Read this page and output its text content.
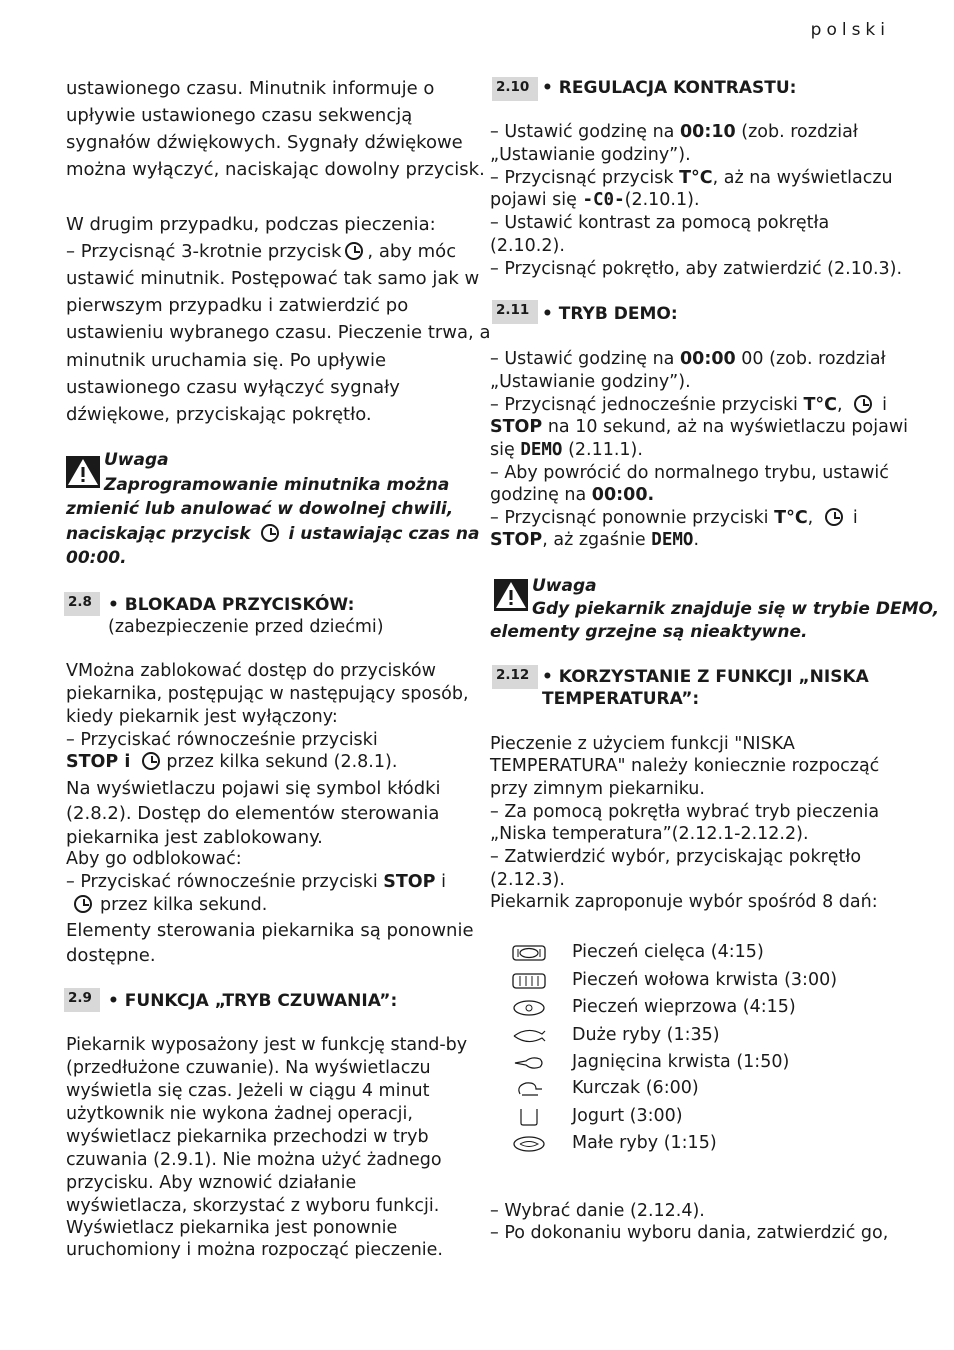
polski
ustawionego czasu. Minutnik informuje o
upływie ustawionego czasu sekwencją
sygnałów dźwiękowych. Sygnały dźwiękowe
można wyłączyć, naciskając dowolny przycisk.
W drugim przypadku, podczas pieczenia:
– Przycisnąć 3-krotnie przycisk , aby móc
ustawić minutnik. Postępować tak samo jak w
pierwszym przypadku i zatwierdzić po
ustawieniu wybranego czasu. Pieczenie trwa, a
minutnik uruchamia się. Po upływie
ustawionego czasu wyłączyć sygnały
dźwiękowe, przyciskając pokrętło.
Uwaga
Zaprogramowanie minutnika można
zmienić lub anulować w dowolnej chwili,
naciskając przycisk i ustawiając czas na
00:00.
2.8 • BLOKADA PRZYCISKÓW:
(zabezpieczenie przed dziećmi)
VMożna zablokować dostęp do przycisków
piekarnika, postępując w następujący sposób,
kiedy piekarnik jest wyłączony:
– Przyciskać równocześnie przyciski
STOP i przez kilka sekund (2.8.1).
Na wyświetlaczu pojawi się symbol kłódki
(2.8.2). Dostęp do elementów sterowania
piekarnika jest zablokowany.
Aby go odblokować:
– Przyciskać równocześnie przyciski STOP i
przez kilka sekund.
Elementy sterowania piekarnika są ponownie
dostępne.
2.9 • FUNKCJA „TRYB CZUWANIA”:
Piekarnik wyposażony jest w funkcję stand-by
(przedłużone czuwanie). Na wyświetlaczu
wyświetla się czas. Jeżeli w ciągu 4 minut
użytkownik nie wykona żadnej operacji,
wyświetlacz piekarnika przechodzi w tryb
czuwania (2.9.1). Nie można użyć żadnego
przycisku. Aby wznowić działanie
wyświetlacza, skorzystać z wyboru funkcji.
Wyświetlacz piekarnika jest ponownie
uruchomiony i można rozpocząć pieczenie.
2.10 • REGULACJA KONTRASTU:
– Ustawić godzinę na 00:10 (zob. rozdział
„Ustawianie godziny”).
– Przycisnąć przycisk T°C, aż na wyświetlaczu
pojawi się -C0-(2.10.1).
– Ustawić kontrast za pomocą pokrętła
(2.10.2).
– Przycisnąć pokrętło, aby zatwierdzić (2.10.3).
2.11 • TRYB DEMO:
– Ustawić godzinę na 00:00 00 (zob. rozdział
„Ustawianie godziny”).
– Przycisnąć jednocześnie przyciski T°C, i
STOP na 10 sekund, aż na wyświetlaczu pojawi
się DEMO (2.11.1).
– Aby powrócić do normalnego trybu, ustawić
godzinę na 00:00.
– Przycisnąć ponownie przyciski T°C, i
STOP, aż zgaśnie DEMO.
Uwaga
Gdy piekarnik znajduje się w trybie DEMO,
elementy grzejne są nieaktywne.
2.12 • KORZYSTANIE Z FUNKCJI „NISKA
TEMPERATURA”:
Pieczenie z użyciem funkcji "NISKA
TEMPERATURA" należy koniecznie rozpocząć
przy zimnym piekarniku.
– Za pomocą pokrętła wybrać tryb pieczenia
„Niska temperatura”(2.12.1-2.12.2).
– Zatwierdzić wybór, przyciskając pokrętło
(2.12.3).
Piekarnik zaproponuje wybór spośród 8 dań:
– Wybrać danie (2.12.4).
– Po dokonaniu wyboru dania, zatwierdzić go,
Pieczeń cielęca (4:15)
Pieczeń wołowa krwista (3:00)
Pieczeń wieprzowa (4:15)
Duże ryby (1:35)
Jagnięcina krwista (1:50)
Kurczak (6:00)
Jogurt (3:00)
Małe ryby (1:15)
